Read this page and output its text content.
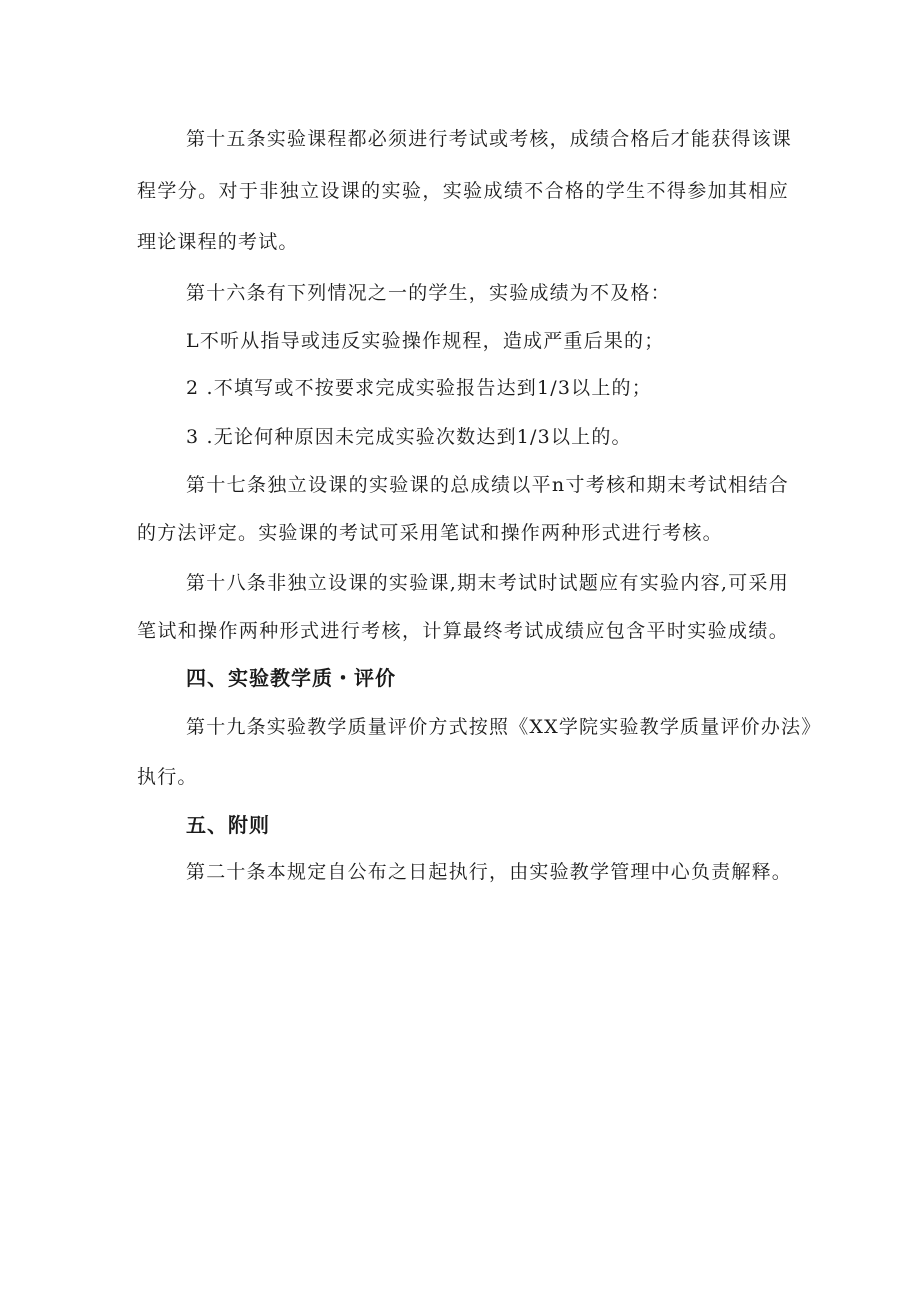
第十五条实验课程都必须进行考试或考核，成绩合格后才能获得该课
程学分。对于非独立设课的实验，实验成绩不合格的学生不得参加其相应
理论课程的考试。
第十六条有下列情况之一的学生，实验成绩为不及格：
L不听从指导或违反实验操作规程，造成严重后果的；
2 .不填写或不按要求完成实验报告达到1/3以上的；
3 .无论何种原因未完成实验次数达到1/3以上的。
第十七条独立设课的实验课的总成绩以平n寸考核和期末考试相结合
的方法评定。实验课的考试可采用笔试和操作两种形式进行考核。
第十八条非独立设课的实验课,期末考试时试题应有实验内容,可采用
笔试和操作两种形式进行考核，计算最终考试成绩应包含平时实验成绩。
四、实验教学质・评价
第十九条实验教学质量评价方式按照《XX学院实验教学质量评价办法》
执行。
五、附则
第二十条本规定自公布之日起执行，由实验教学管理中心负责解释。
